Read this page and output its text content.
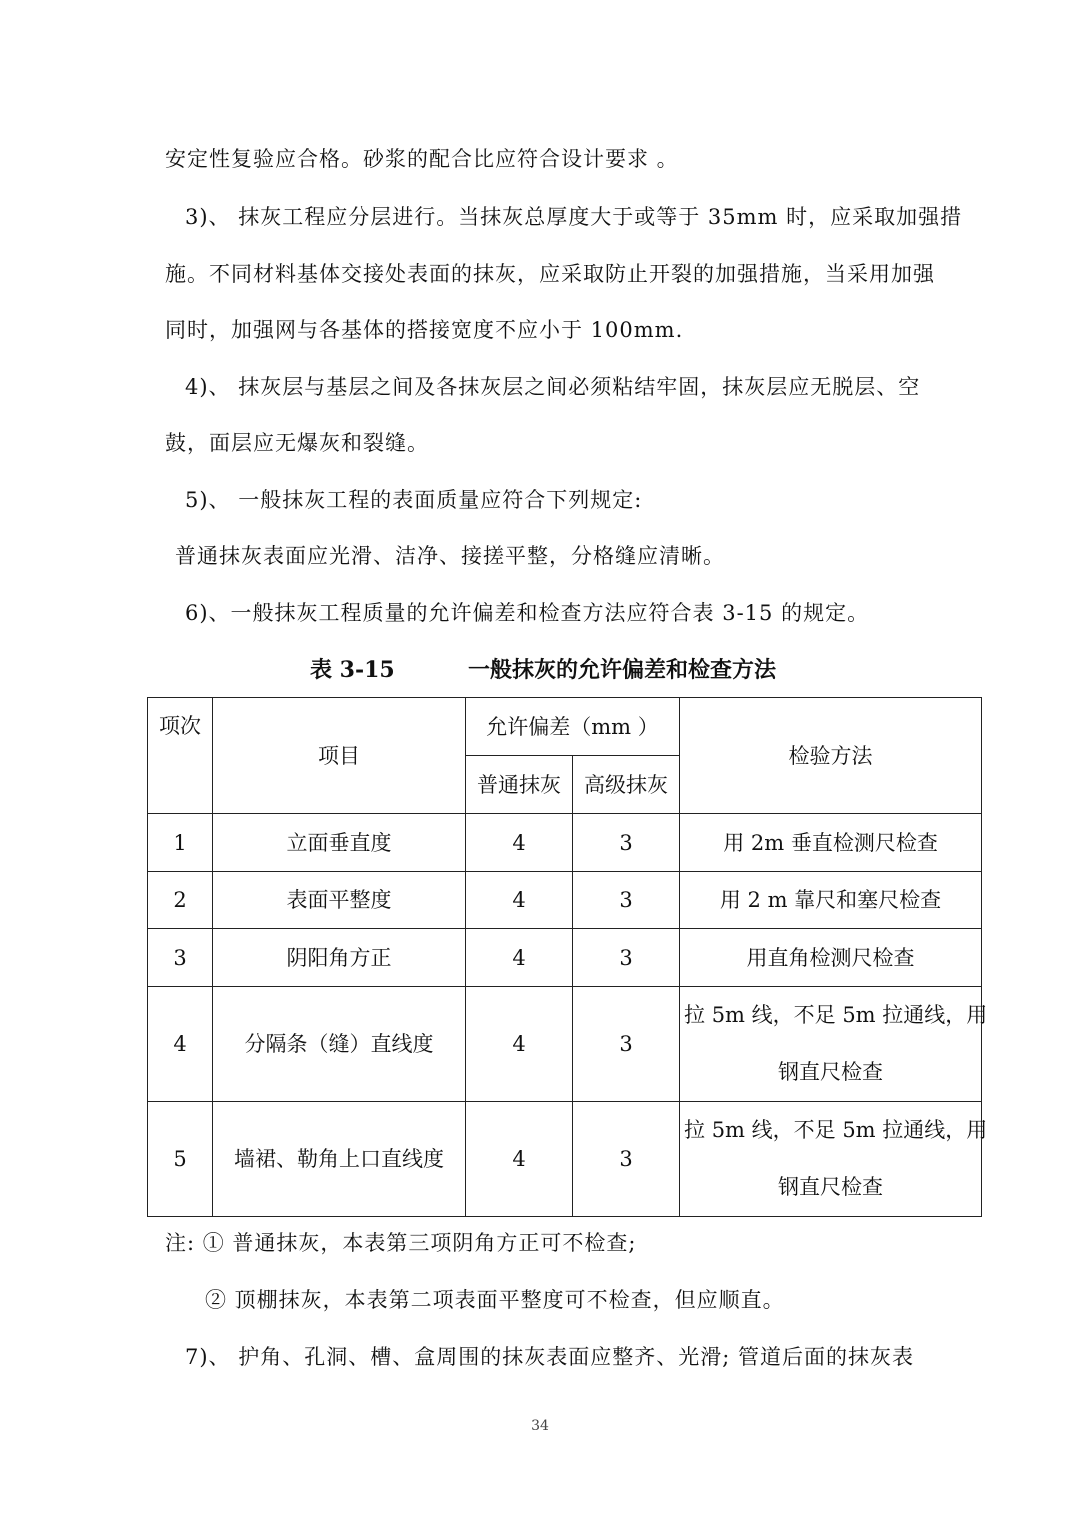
安定性复验应合格。砂浆的配合比应符合设计要求 。
3)、 抹灰工程应分层进行。当抹灰总厚度大于或等于 35mm 时，应采取加强措
施。不同材料基体交接处表面的抹灰，应采取防止开裂的加强措施，当采用加强
同时，加强网与各基体的搭接宽度不应小于 100mm.
4)、 抹灰层与基层之间及各抹灰层之间必须粘结牢固，抹灰层应无脱层、空
鼓，面层应无爆灰和裂缝。
5)、 一般抹灰工程的表面质量应符合下列规定:
普通抹灰表面应光滑、洁净、接搓平整，分格缝应清晰。
6)、一般抹灰工程质量的允许偏差和检查方法应符合表 3-15 的规定。
表 3-15	一般抹灰的允许偏差和检查方法
项次	项目	允许偏差（mm ）		检验方法
		普通抹灰	高级抹灰	
1	立面垂直度	4	3	用 2m 垂直检测尺检查
2	表面平整度	4	3	用 2 m 靠尺和塞尺检查
3	阴阳角方正	4	3	用直角检测尺检查
4	分隔条（缝）直线度	4	3	拉 5m 线，不足 5m 拉通线，用
钢直尺检查

5	墙裙、勒角上口直线度	4	3	拉 5m 线，不足 5m 拉通线，用
钢直尺检查
注: ① 普通抹灰，本表第三项阴角方正可不检查;
② 顶棚抹灰，本表第二项表面平整度可不检查，但应顺直。
7)、 护角、孔洞、槽、盒周围的抹灰表面应整齐、光滑; 管道后面的抹灰表
34
